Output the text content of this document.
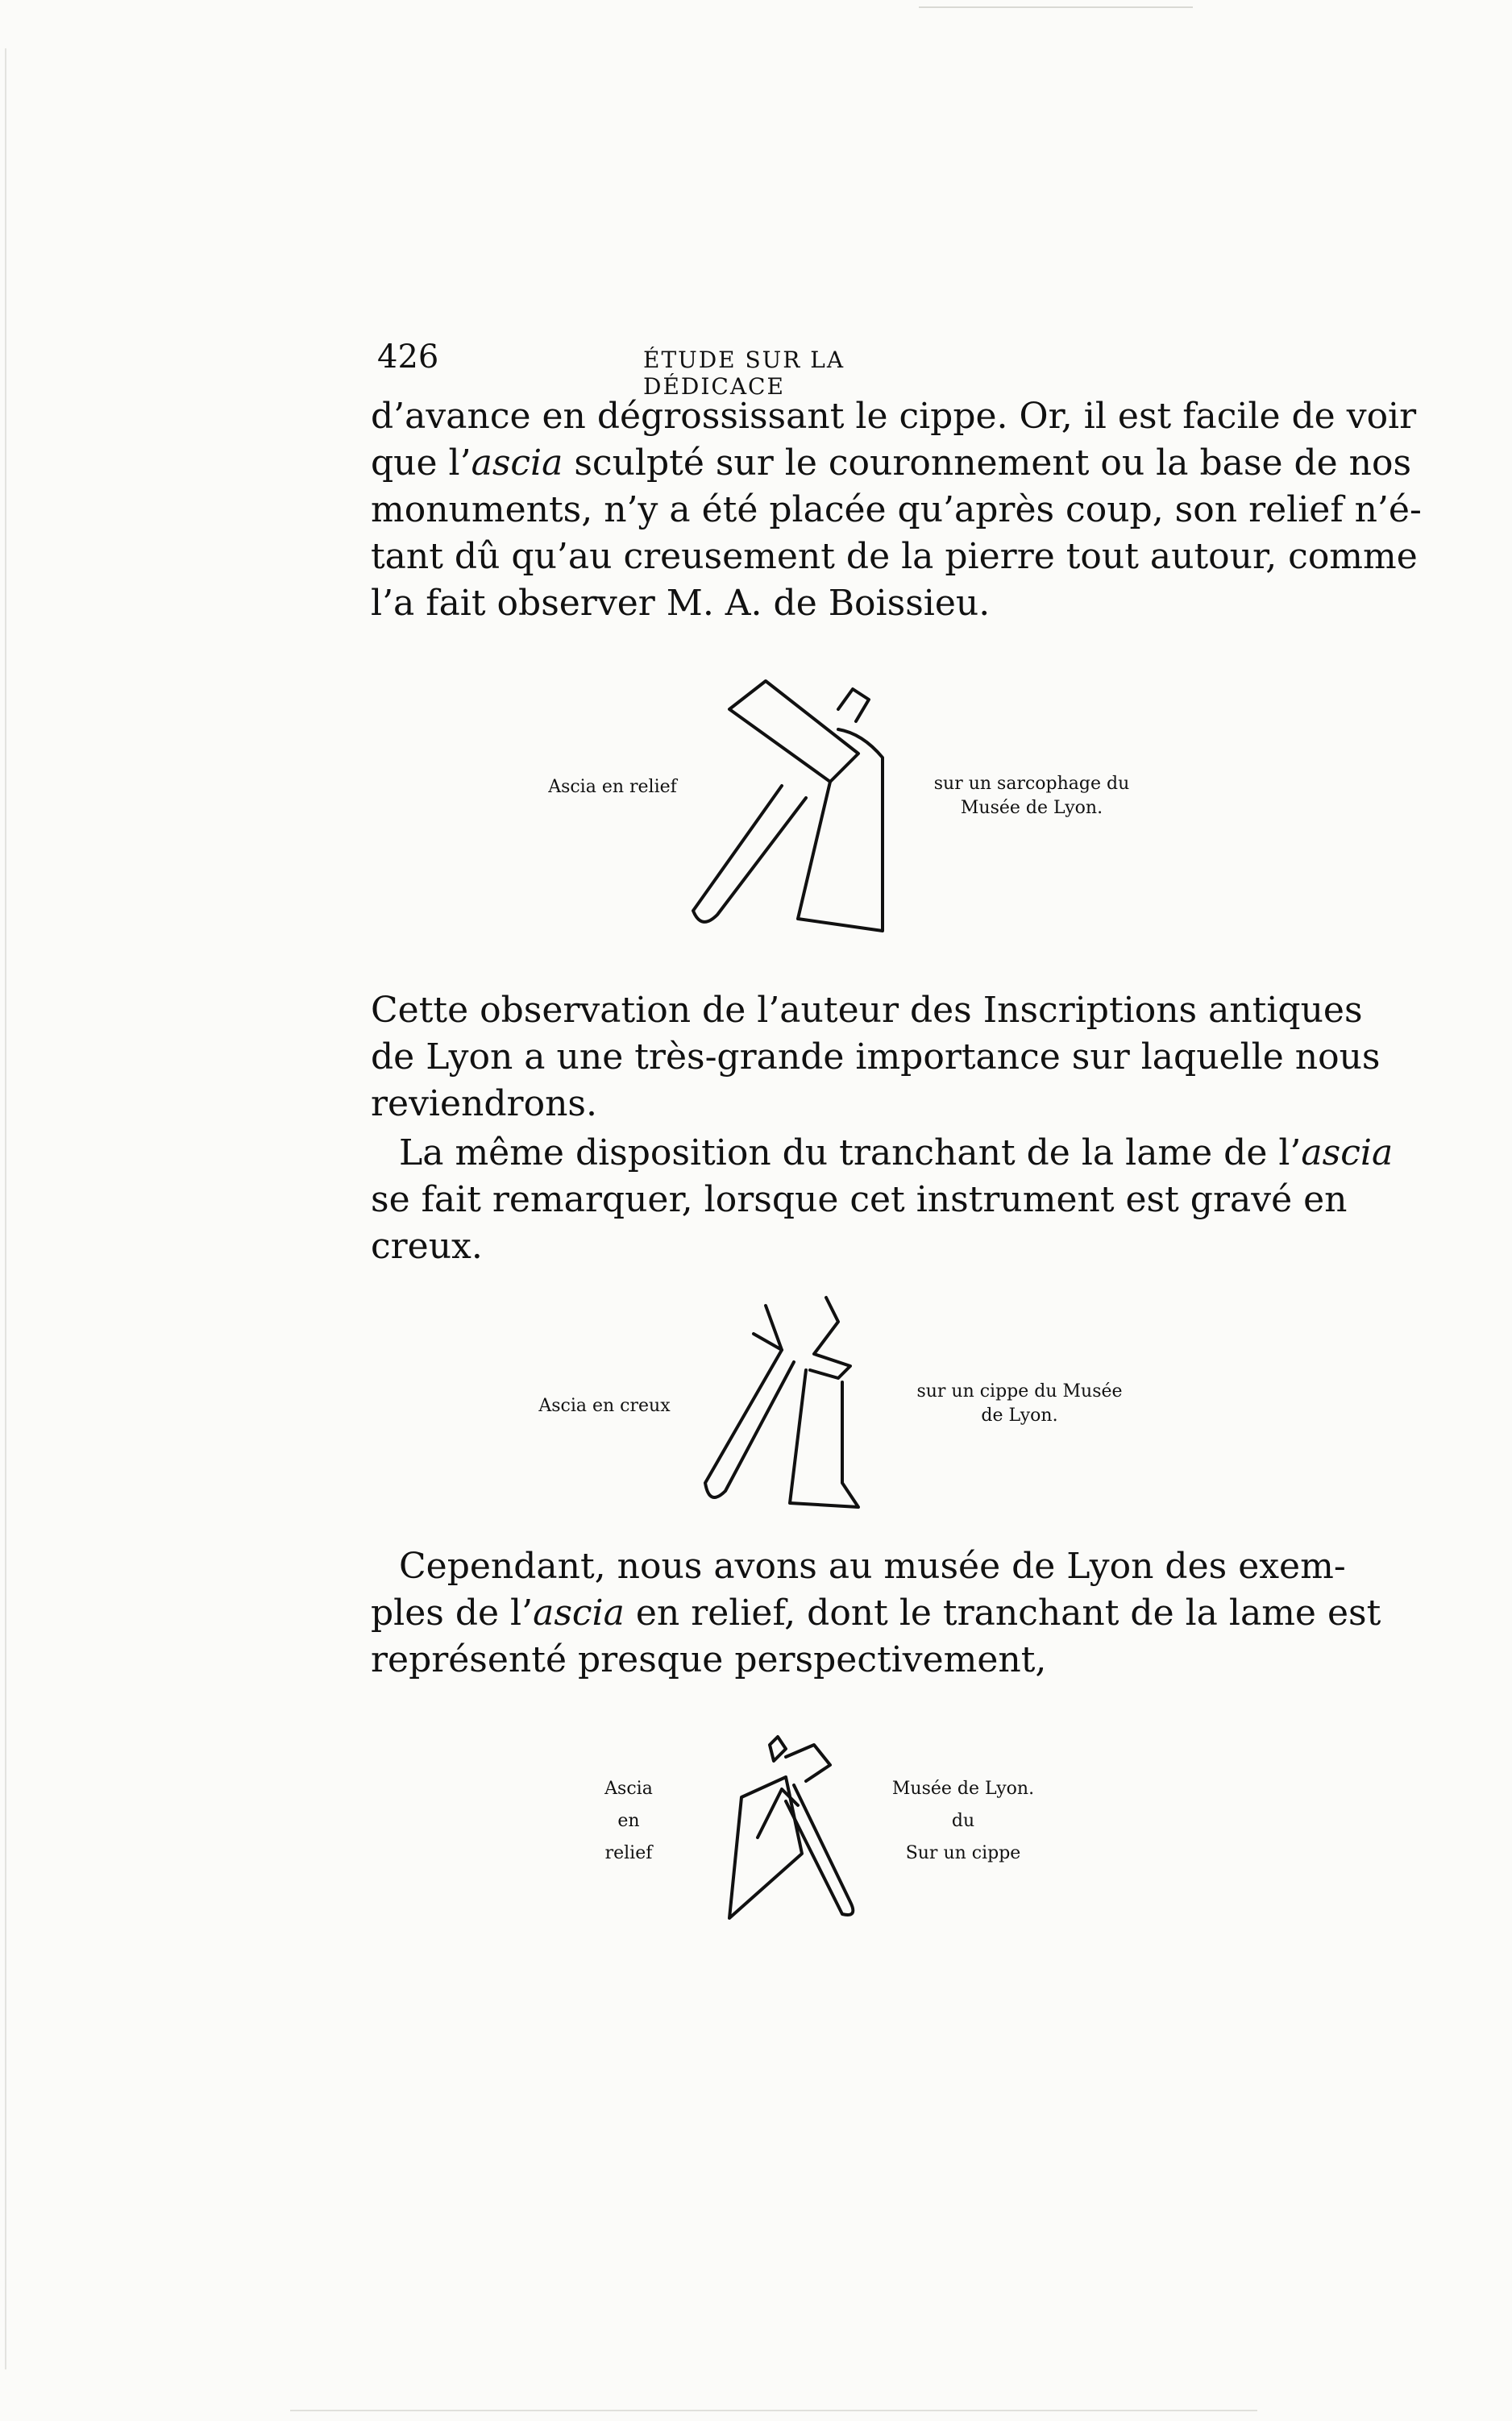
426	ÉTUDE SUR LA DÉDICACE
d’avance en dégrossissant le cippe. Or, il est facile de voir
que l’ascia sculpté sur le couronnement ou la base de nos
monuments, n’y a été placée qu’après coup, son relief n’é-
tant dû qu’au creusement de la pierre tout autour, comme
l’a fait observer M. A. de Boissieu.
Ascia en relief	sur un sarcophage du
Musée de Lyon.
Cette observation de l’auteur des Inscriptions antiques
de Lyon a une très-grande importance sur laquelle nous
reviendrons.
La même disposition du tranchant de la lame de l’ascia
se fait remarquer, lorsque cet instrument est gravé en
creux.
Ascia en creux
sur un cippe du Musée
de Lyon.
Cependant, nous avons au musée de Lyon des exem-
ples de l’ascia en relief, dont le tranchant de la lame est
représenté presque perspectivement,
Ascia
en
relief
Musée de Lyon.
du
Sur un cippe
